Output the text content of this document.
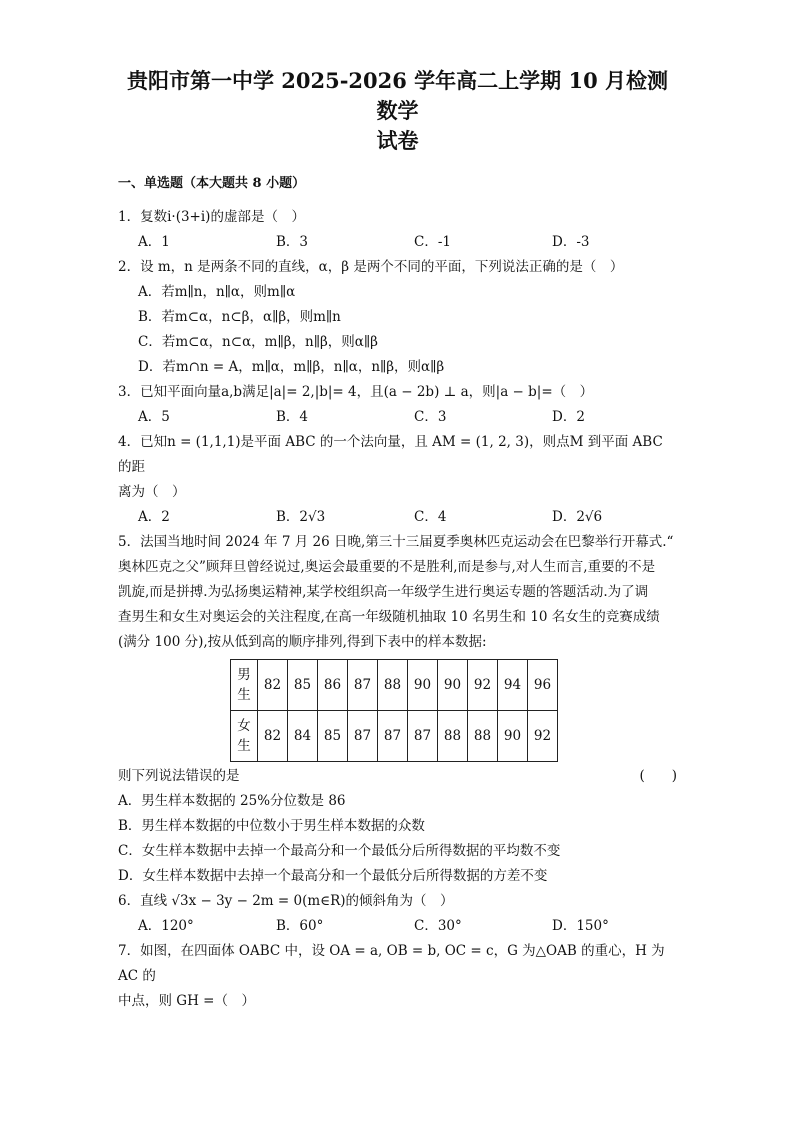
贵阳市第一中学 2025-2026 学年高二上学期 10 月检测数学
试卷
一、单选题（本大题共 8 小题）
1．复数i·(3+i)的虚部是（　）
A．1	B．3	C．-1	D．-3
2．设 m，n 是两条不同的直线，α，β 是两个不同的平面，下列说法正确的是（　）
A．若m∥n，n∥α，则m∥α
B．若m⊂α，n⊂β，α∥β，则m∥n
C．若m⊂α，n⊂α，m∥β，n∥β，则α∥β
D．若m∩n = A，m∥α，m∥β，n∥α，n∥β，则α∥β
3．已知平面向量a,b满足|a|= 2,|b|= 4，且(a − 2b) ⊥ a，则|a − b|=（　）
A．5	B．4	C．3	D．2
4．已知n = (1,1,1)是平面 ABC 的一个法向量，且 AM = (1, 2, 3)，则点M 到平面 ABC 的距
离为（　）
A．2	B．2√3	C．4	D．2√6
5．法国当地时间 2024 年 7 月 26 日晚,第三十三届夏季奥林匹克运动会在巴黎举行开幕式.“
奥林匹克之父”顾拜旦曾经说过,奥运会最重要的不是胜利,而是参与,对人生而言,重要的不是
凯旋,而是拼搏.为弘扬奥运精神,某学校组织高一年级学生进行奥运专题的答题活动.为了调
查男生和女生对奥运会的关注程度,在高一年级随机抽取 10 名男生和 10 名女生的竞赛成绩
(满分 100 分),按从低到高的顺序排列,得到下表中的样本数据:
男
生	82	85	86	87	88	90	90	92	94	96
女
生	82	84	85	87	87	87	88	88	90	92
则下列说法错误的是	(　　)
A．男生样本数据的 25%分位数是 86
B．男生样本数据的中位数小于男生样本数据的众数
C．女生样本数据中去掉一个最高分和一个最低分后所得数据的平均数不变
D．女生样本数据中去掉一个最高分和一个最低分后所得数据的方差不变
6．直线 √3x − 3y − 2m = 0(m∈R)的倾斜角为（　）
A．120°	B．60°	C．30°	D．150°
7．如图，在四面体 OABC 中，设 OA = a, OB = b, OC = c，G 为△OAB 的重心，H 为 AC 的
中点，则 GH =（　）
